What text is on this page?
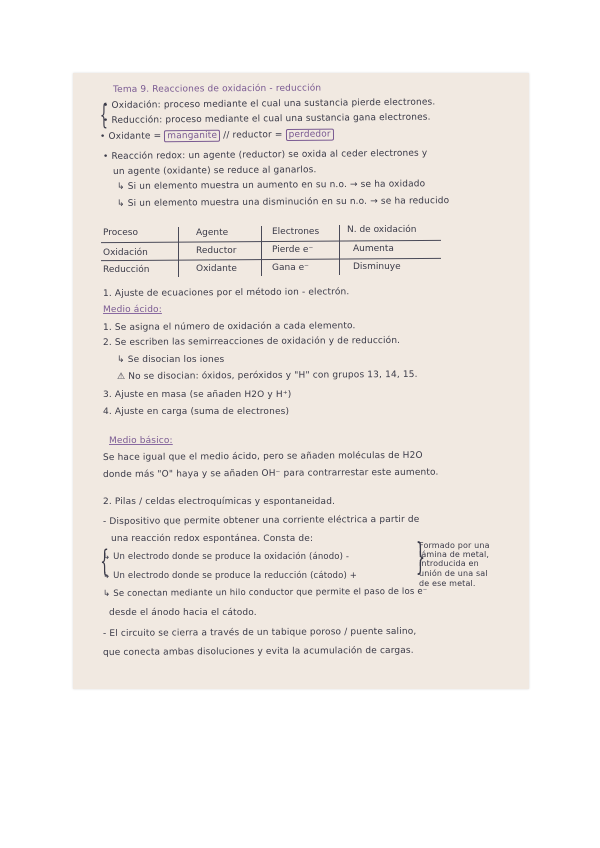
Tema 9. Reacciones de oxidación - reducción
{
• Oxidación: proceso mediante el cual una sustancia pierde electrones.
• Reducción: proceso mediante el cual una sustancia gana electrones.
• Oxidante = manganite // reductor = perdedor
• Reacción redox: un agente (reductor) se oxida al ceder electrones y
un agente (oxidante) se reduce al ganarlos.
↳ Si un elemento muestra un aumento en su n.o. → se ha oxidado
↳ Si un elemento muestra una disminución en su n.o. → se ha reducido
Proceso	Agente	Electrones	N. de oxidación
Oxidación	Reductor	Pierde e⁻	Aumenta
Reducción	Oxidante	Gana e⁻	Disminuye
1. Ajuste de ecuaciones por el método ion - electrón.
Medio ácido:
1. Se asigna el número de oxidación a cada elemento.
2. Se escriben las semirreacciones de oxidación y de reducción.
↳ Se disocian los iones
⚠ No se disocian: óxidos, peróxidos y "H" con grupos 13, 14, 15.
3. Ajuste en masa (se añaden H2O y H⁺)
4. Ajuste en carga (suma de electrones)
Medio básico:
Se hace igual que el medio ácido, pero se añaden moléculas de H2O
donde más "O" haya y se añaden OH⁻ para contrarrestar este aumento.
2. Pilas / celdas electroquímicas y espontaneidad.
- Dispositivo que permite obtener una corriente eléctrica a partir de
una reacción redox espontánea. Consta de:
{
↳ Un electrodo donde se produce la oxidación (ánodo) -
↳ Un electrodo donde se produce la reducción (cátodo) + }
Formado por una
lámina de metal,
introducida en
unión de una sal
de ese metal.
↳ Se conectan mediante un hilo conductor que permite el paso de los e⁻
desde el ánodo hacia el cátodo.
- El circuito se cierra a través de un tabique poroso / puente salino,
que conecta ambas disoluciones y evita la acumulación de cargas.
